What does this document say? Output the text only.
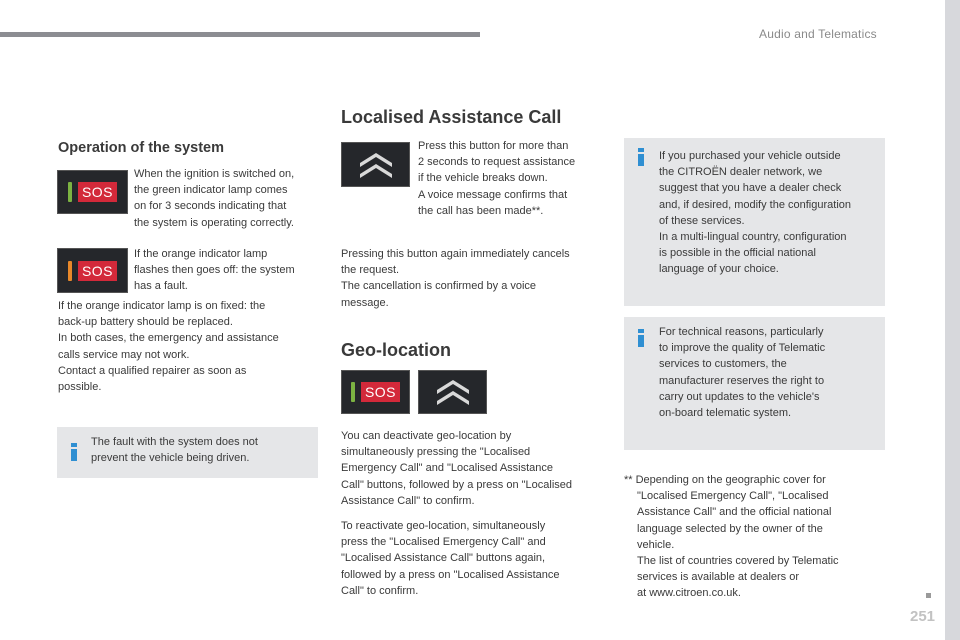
Audio and Telematics
251
Operation of the system
SOS

When the ignition is switched on,

the green indicator lamp comes

on for 3 seconds indicating that

the system is operating correctly.

SOS

If the orange indicator lamp

flashes then goes off: the system

has a fault.

If the orange indicator lamp is on fixed: the

back-up battery should be replaced.

In both cases, the emergency and assistance

calls service may not work.

Contact a qualified repairer as soon as

possible.

The fault with the system does not

prevent the vehicle being driven.

Localised Assistance Call

Press this button for more than

2 seconds to request assistance

if the vehicle breaks down.

A voice message confirms that

the call has been made**.

Pressing this button again immediately cancels

the request.

The cancellation is confirmed by a voice

message.

Geo-location
SOS

You can deactivate geo-location by

simultaneously pressing the "Localised

Emergency Call" and "Localised Assistance

Call" buttons, followed by a press on "Localised

Assistance Call" to confirm.

To reactivate geo-location, simultaneously

press the "Localised Emergency Call" and

"Localised Assistance Call" buttons again,

followed by a press on "Localised Assistance

Call" to confirm.

If you purchased your vehicle outside

the CITROËN dealer network, we

suggest that you have a dealer check

and, if desired, modify the configuration

of these services.

In a multi-lingual country, configuration

is possible in the official national

language of your choice.

For technical reasons, particularly

to improve the quality of Telematic

services to customers, the

manufacturer reserves the right to

carry out updates to the vehicle's

on-board telematic system.

** Depending on the geographic cover for

"Localised Emergency Call", "Localised

Assistance Call" and the official national

language selected by the owner of the

vehicle.

The list of countries covered by Telematic

services is available at dealers or

at www.citroen.co.uk.
